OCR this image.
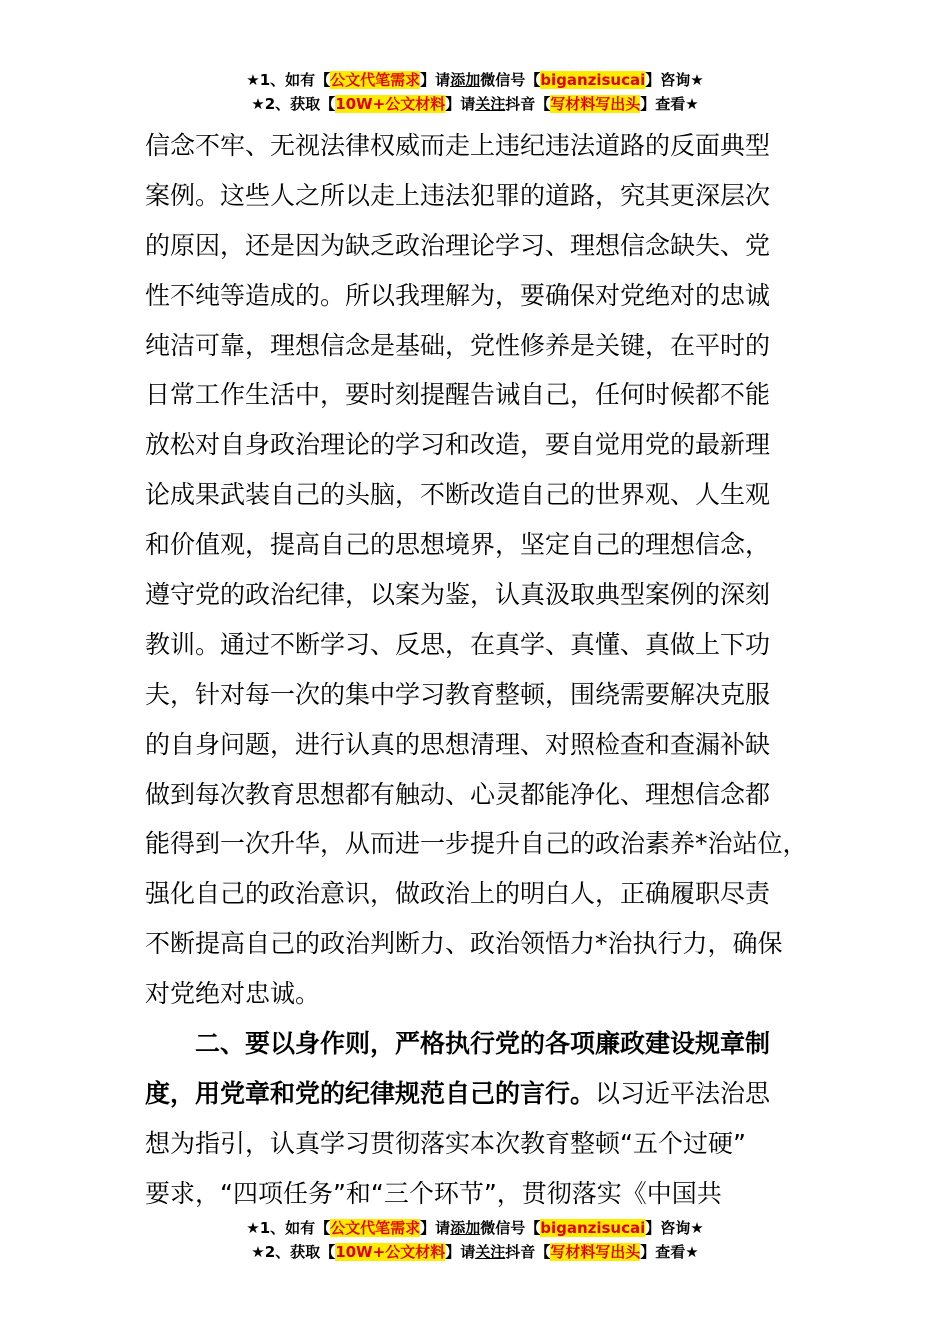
★1、如有【公文代笔需求】请添加微信号【biganzisucai】咨询★
★2、获取【10W+公文材料】请关注抖音【写材料写出头】查看★
信念不牢、无视法律权威而走上违纪违法道路的反面典型
案例。这些人之所以走上违法犯罪的道路，究其更深层次
的原因，还是因为缺乏政治理论学习、理想信念缺失、党
性不纯等造成的。所以我理解为，要确保对党绝对的忠诚
纯洁可靠，理想信念是基础，党性修养是关键，在平时的
日常工作生活中，要时刻提醒告诫自己，任何时候都不能
放松对自身政治理论的学习和改造，要自觉用党的最新理
论成果武装自己的头脑，不断改造自己的世界观、人生观
和价值观，提高自己的思想境界，坚定自己的理想信念，
遵守党的政治纪律，以案为鉴，认真汲取典型案例的深刻
教训。通过不断学习、反思，在真学、真懂、真做上下功
夫，针对每一次的集中学习教育整顿，围绕需要解决克服
的自身问题，进行认真的思想清理、对照检查和查漏补缺
做到每次教育思想都有触动、心灵都能净化、理想信念都
能得到一次升华，从而进一步提升自己的政治素养*治站位，
强化自己的政治意识，做政治上的明白人，正确履职尽责
不断提高自己的政治判断力、政治领悟力*治执行力，确保
对党绝对忠诚。
二、要以身作则，严格执行党的各项廉政建设规章制
度，用党章和党的纪律规范自己的言行。以习近平法治思
想为指引，认真学习贯彻落实本次教育整顿“五个过硬”
要求，“四项任务”和“三个环节”，贯彻落实《中国共
★1、如有【公文代笔需求】请添加微信号【biganzisucai】咨询★
★2、获取【10W+公文材料】请关注抖音【写材料写出头】查看★
